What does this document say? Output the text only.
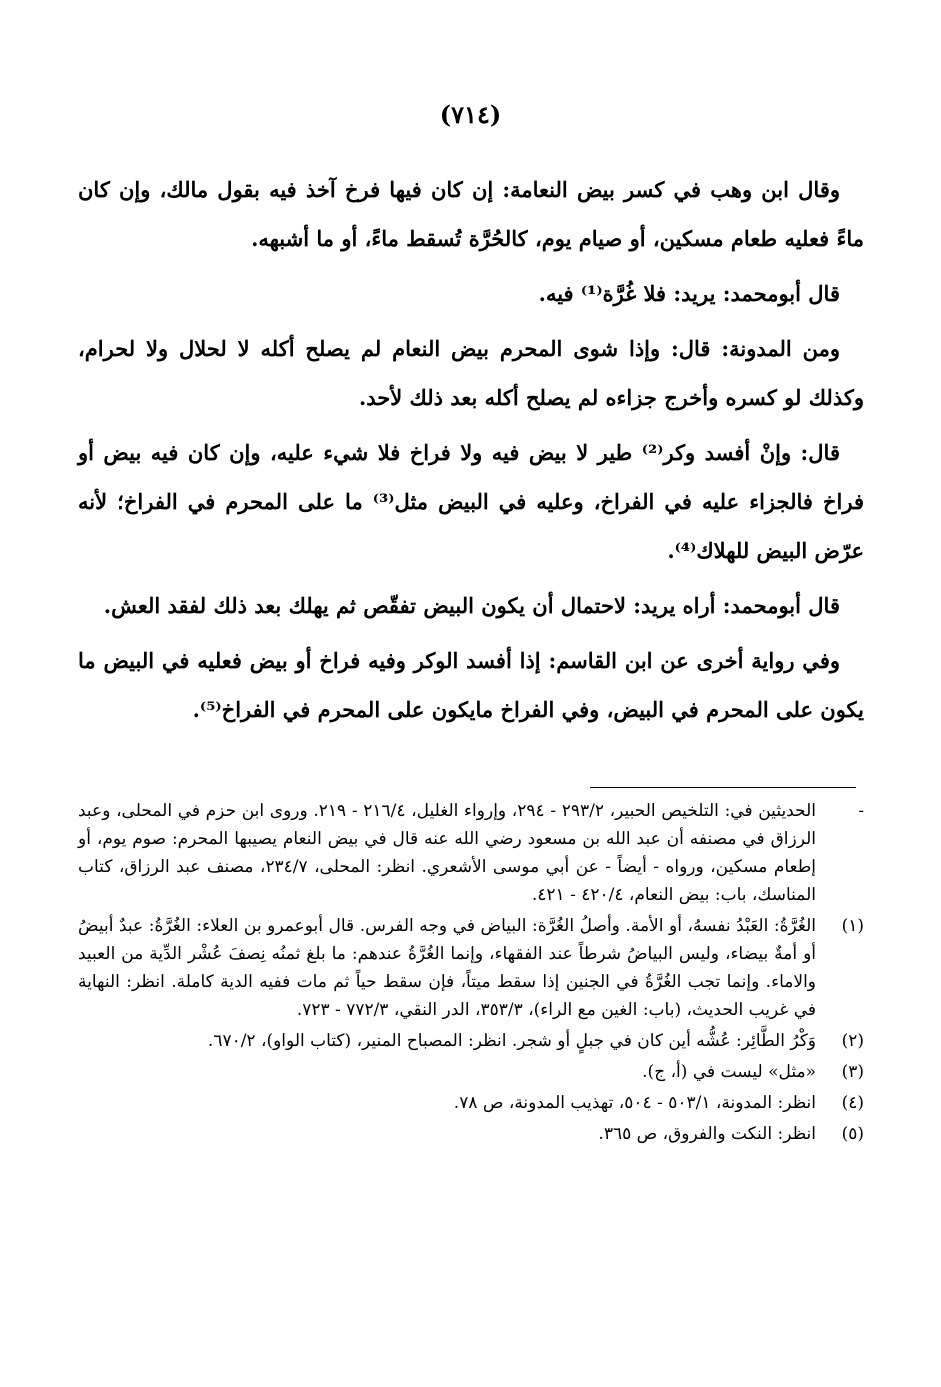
(٧١٤)

وقال ابن وهب في كسر بيض النعامة: إن كان فيها فرخ آخذ فيه بقول مالك، وإن كان ماءً فعليه طعام مسكين، أو صيام يوم، كالحُرَّة تُسقط ماءً، أو ما أشبهه.

قال أبومحمد: يريد: فلا غُرَّة⁽¹⁾ فيه.

ومن المدونة: قال: وإذا شوى المحرم بيض النعام لم يصلح أكله لا لحلال ولا لحرام، وكذلك لو كسره وأخرج جزاءه لم يصلح أكله بعد ذلك لأحد.

قال: وإنْ أفسد وكر⁽²⁾ طير لا بيض فيه ولا فراخ فلا شيء عليه، وإن كان فيه بيض أو فراخ فالجزاء عليه في الفراخ، وعليه في البيض مثل⁽³⁾ ما على المحرم في الفراخ؛ لأنه عرّض البيض للهلاك⁽⁴⁾.

قال أبومحمد: أراه يريد: لاحتمال أن يكون البيض تفقّص ثم يهلك بعد ذلك لفقد العش.

وفي رواية أخرى عن ابن القاسم: إذا أفسد الوكر وفيه فراخ أو بيض فعليه في البيض ما يكون على المحرم في البيض، وفي الفراخ مايكون على المحرم في الفراخ⁽⁵⁾.

-
الحديثين في: التلخيص الحبير، ٢٩٣/٢ - ٢٩٤، وإرواء الغليل، ٢١٦/٤ - ٢١٩. وروى ابن حزم في المحلى، وعبد الرزاق في مصنفه أن عبد الله بن مسعود رضي الله عنه قال في بيض النعام يصيبها المحرم: صوم يوم، أو إطعام مسكين، ورواه - أيضاً - عن أبي موسى الأشعري. انظر: المحلى، ٢٣٤/٧، مصنف عبد الرزاق، كتاب المناسك، باب: بيض النعام، ٤٢٠/٤ - ٤٢١.
(١)
الغُرَّةُ: العَبْدُ نفسهُ، أو الأمة. وأصلُ الغُرَّة: البياض في وجه الفرس. قال أبوعمرو بن العلاء: الغُرَّةُ: عبدٌ أبيضُ أو أمةٌ بيضاء، وليس البياضُ شرطاً عند الفقهاء، وإنما الغُرَّةُ عندهم: ما بلغ ثمنُه نِصفَ عُشْر الدِّية من العبيد والاماء. وإنما تجب الغُرَّةُ في الجنين إذا سقط ميتاً، فإن سقط حياً ثم مات ففيه الدية كاملة. انظر: النهاية في غريب الحديث، (باب: الغين مع الراء)، ٣٥٣/٣، الدر النقي، ٧٧٢/٣ - ٧٢٣.
(٢)
وَكْرُ الطَّائِر: عُشُّه أين كان في جبلٍ أو شجر. انظر: المصباح المنير، (كتاب الواو)، ٦٧٠/٢.
(٣)
«مثل» ليست في (أ، ج).
(٤)
انظر: المدونة، ٥٠٣/١ - ٥٠٤، تهذيب المدونة، ص ٧٨.
(٥)
انظر: النكت والفروق، ص ٣٦٥.
